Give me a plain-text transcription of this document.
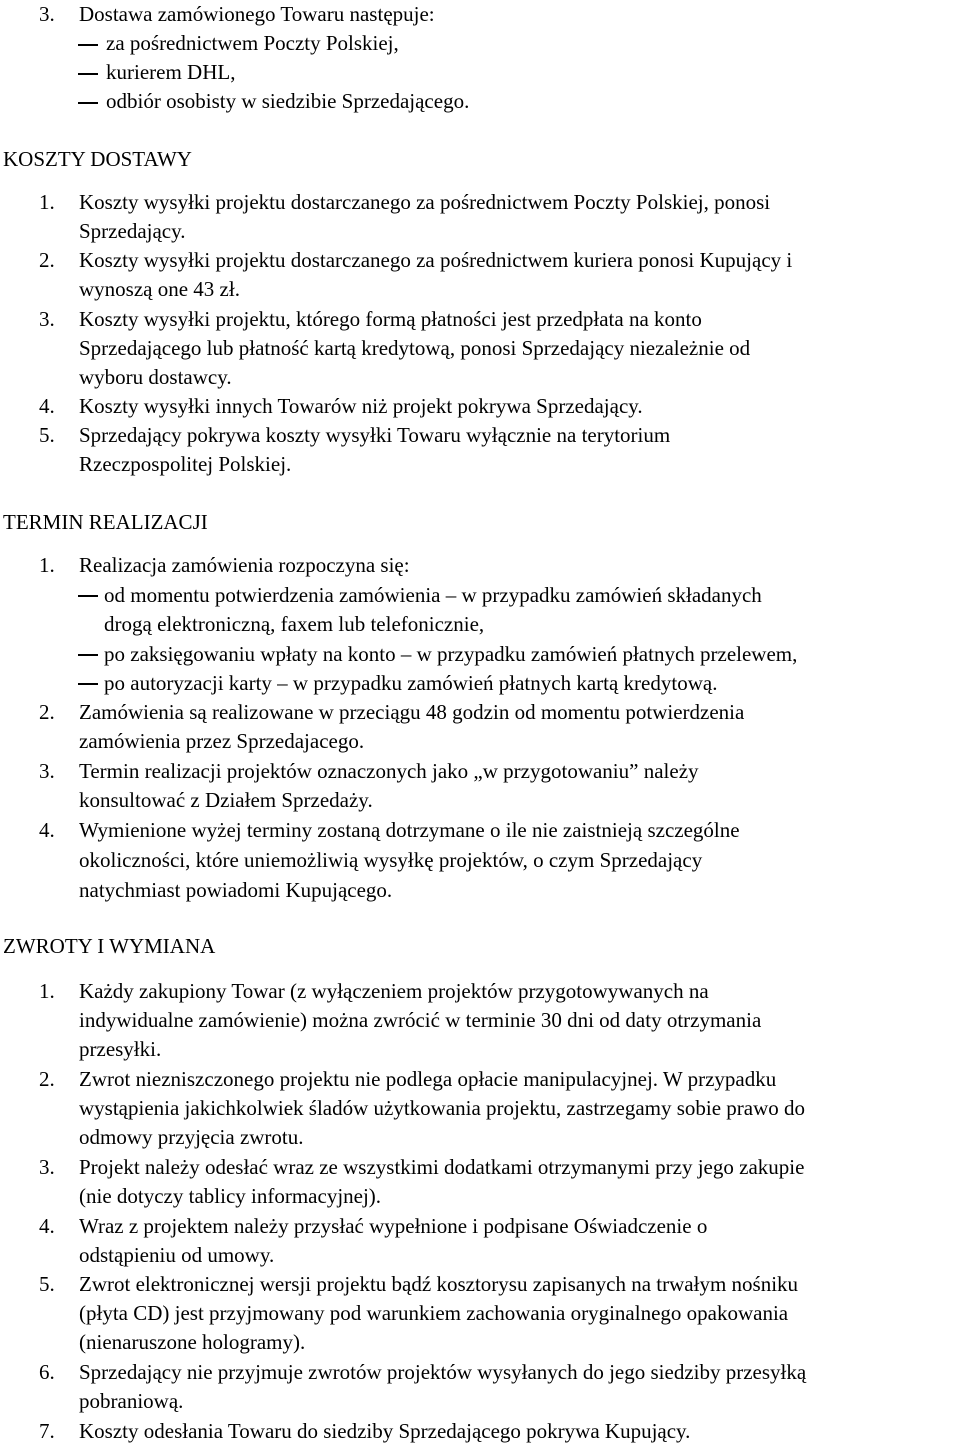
3. Dostawa zamówionego Towaru następuje:
za pośrednictwem Poczty Polskiej,
kurierem DHL,
odbiór osobisty w siedzibie Sprzedającego.
KOSZTY DOSTAWY
1. Koszty wysyłki projektu dostarczanego za pośrednictwem Poczty Polskiej, ponosi
Sprzedający.
2. Koszty wysyłki projektu dostarczanego za pośrednictwem kuriera ponosi Kupujący i
wynoszą one 43 zł.
3. Koszty wysyłki projektu, którego formą płatności jest przedpłata na konto
Sprzedającego lub płatność kartą kredytową, ponosi Sprzedający niezależnie od
wyboru dostawcy.
4. Koszty wysyłki innych Towarów niż projekt pokrywa Sprzedający.
5. Sprzedający pokrywa koszty wysyłki Towaru wyłącznie na terytorium
Rzeczpospolitej Polskiej.
TERMIN REALIZACJI
1. Realizacja zamówienia rozpoczyna się:
od momentu potwierdzenia zamówienia – w przypadku zamówień składanych
drogą elektroniczną, faxem lub telefonicznie,
po zaksięgowaniu wpłaty na konto – w przypadku zamówień płatnych przelewem,
po autoryzacji karty – w przypadku zamówień płatnych kartą kredytową.
2. Zamówienia są realizowane w przeciągu 48 godzin od momentu potwierdzenia
zamówienia przez Sprzedajacego.
3. Termin realizacji projektów oznaczonych jako „w przygotowaniu” należy
konsultować z Działem Sprzedaży.
4. Wymienione wyżej terminy zostaną dotrzymane o ile nie zaistnieją szczególne
okoliczności, które uniemożliwią wysyłkę projektów, o czym Sprzedający
natychmiast powiadomi Kupującego.
ZWROTY I WYMIANA
1. Każdy zakupiony Towar (z wyłączeniem projektów przygotowywanych na
indywidualne zamówienie) można zwrócić w terminie 30 dni od daty otrzymania
przesyłki.
2. Zwrot niezniszczonego projektu nie podlega opłacie manipulacyjnej. W przypadku
wystąpienia jakichkolwiek śladów użytkowania projektu, zastrzegamy sobie prawo do
odmowy przyjęcia zwrotu.
3. Projekt należy odesłać wraz ze wszystkimi dodatkami otrzymanymi przy jego zakupie
(nie dotyczy tablicy informacyjnej).
4. Wraz z projektem należy przysłać wypełnione i podpisane Oświadczenie o
odstąpieniu od umowy.
5. Zwrot elektronicznej wersji projektu bądź kosztorysu zapisanych na trwałym nośniku
(płyta CD) jest przyjmowany pod warunkiem zachowania oryginalnego opakowania
(nienaruszone hologramy).
6. Sprzedający nie przyjmuje zwrotów projektów wysyłanych do jego siedziby przesyłką
pobraniową.
7. Koszty odesłania Towaru do siedziby Sprzedającego pokrywa Kupujący.
